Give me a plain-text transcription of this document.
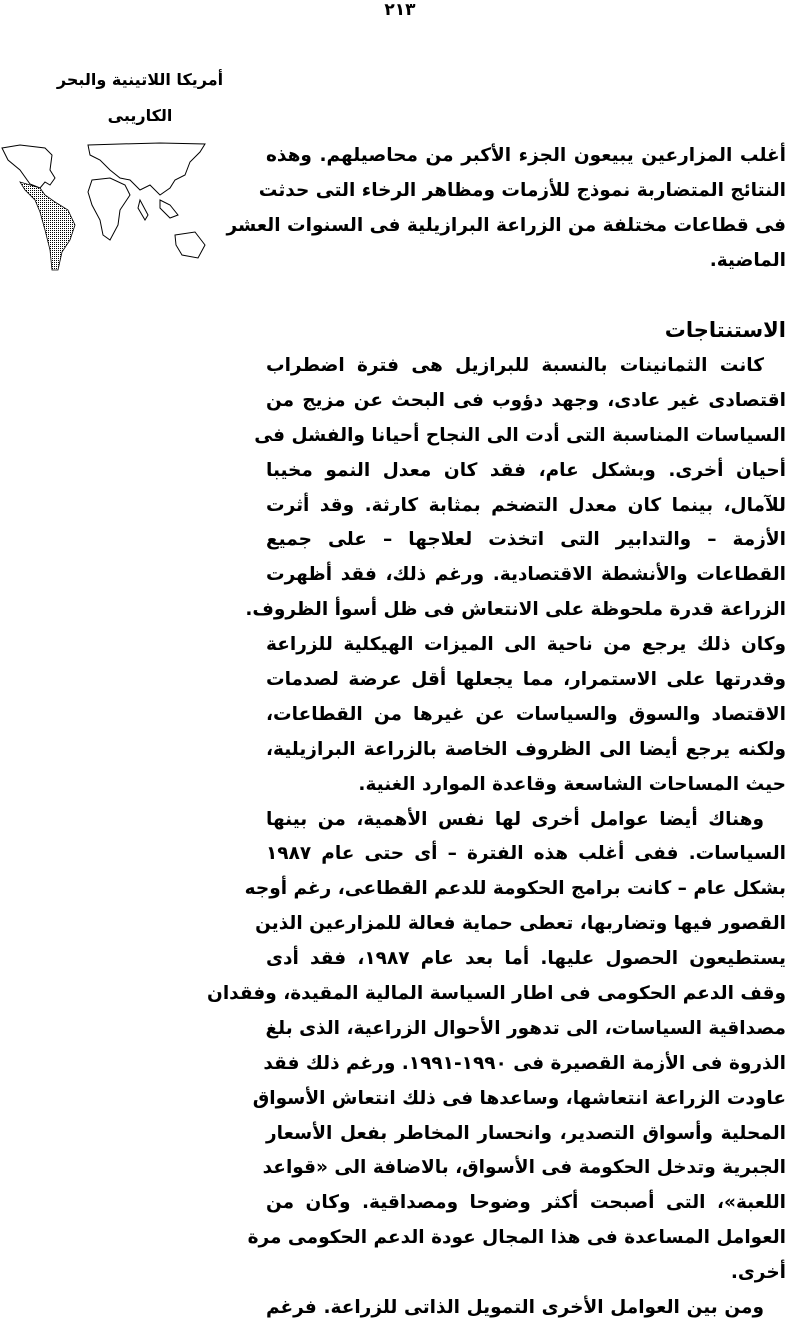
٢١٣
أمريكا اللاتينية والبحر
الكاريبى
أغلب المزارعين يبيعون الجزء الأكبر من محاصيلهم. وهذه
النتائج المتضاربة نموذج للأزمات ومظاهر الرخاء التى حدثت
فى قطاعات مختلفة من الزراعة البرازيلية فى السنوات العشر
الماضية.
الاستنتاجات
كانت الثمانينات بالنسبة للبرازيل هى فترة اضطراب
اقتصادى غير عادى، وجهد دؤوب فى البحث عن مزيج من
السياسات المناسبة التى أدت الى النجاح أحيانا والفشل فى
أحيان أخرى. وبشكل عام، فقد كان معدل النمو مخيبا
للآمال، بينما كان معدل التضخم بمثابة كارثة. وقد أثرت
الأزمة – والتدابير التى اتخذت لعلاجها – على جميع
القطاعات والأنشطة الاقتصادية. ورغم ذلك، فقد أظهرت
الزراعة قدرة ملحوظة على الانتعاش فى ظل أسوأ الظروف.
وكان ذلك يرجع من ناحية الى الميزات الهيكلية للزراعة
وقدرتها على الاستمرار، مما يجعلها أقل عرضة لصدمات
الاقتصاد والسوق والسياسات عن غيرها من القطاعات،
ولكنه يرجع أيضا الى الظروف الخاصة بالزراعة البرازيلية،
حيث المساحات الشاسعة وقاعدة الموارد الغنية.
وهناك أيضا عوامل أخرى لها نفس الأهمية، من بينها
السياسات. ففى أغلب هذه الفترة – أى حتى عام ١٩٨٧
بشكل عام – كانت برامج الحكومة للدعم القطاعى، رغم أوجه
القصور فيها وتضاربها، تعطى حماية فعالة للمزارعين الذين
يستطيعون الحصول عليها. أما بعد عام ١٩٨٧، فقد أدى
وقف الدعم الحكومى فى اطار السياسة المالية المقيدة، وفقدان
مصداقية السياسات، الى تدهور الأحوال الزراعية، الذى بلغ
الذروة فى الأزمة القصيرة فى ١٩٩٠-١٩٩١. ورغم ذلك فقد
عاودت الزراعة انتعاشها، وساعدها فى ذلك انتعاش الأسواق
المحلية وأسواق التصدير، وانحسار المخاطر بفعل الأسعار
الجبرية وتدخل الحكومة فى الأسواق، بالاضافة الى «قواعد
اللعبة»، التى أصبحت أكثر وضوحا ومصداقية. وكان من
العوامل المساعدة فى هذا المجال عودة الدعم الحكومى مرة
أخرى.
ومن بين العوامل الأخرى التمويل الذاتى للزراعة. فرغم
